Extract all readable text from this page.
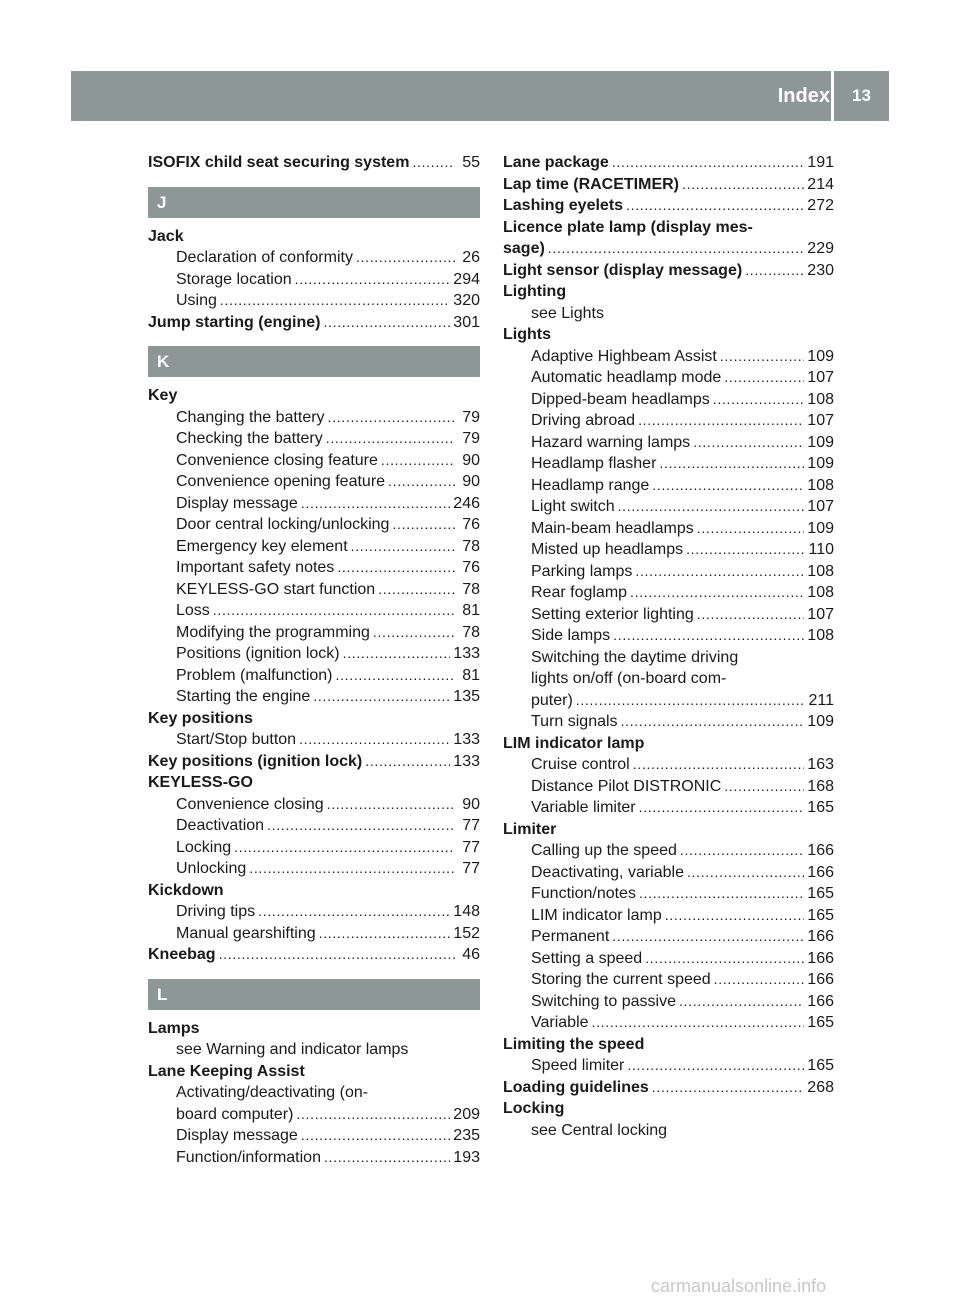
Index	13
ISOFIX child seat securing system . . .	55
J
Jack
Declaration of conformity . . .	26
Storage location . . .	294
Using . . .	320
Jump starting (engine) . . .	301
K
Key
Changing the battery . . .	79
Checking the battery . . .	79
Convenience closing feature . . .	90
Convenience opening feature . . .	90
Display message . . .	246
Door central locking/unlocking . . .	76
Emergency key element . . .	78
Important safety notes . . .	76
KEYLESS-GO start function . . .	78
Loss . . .	81
Modifying the programming . . .	78
Positions (ignition lock) . . .	133
Problem (malfunction) . . .	81
Starting the engine . . .	135
Key positions
Start/Stop button . . .	133
Key positions (ignition lock) . . .	133
KEYLESS-GO
Convenience closing . . .	90
Deactivation . . .	77
Locking . . .	77
Unlocking . . .	77
Kickdown
Driving tips . . .	148
Manual gearshifting . . .	152
Kneebag . . .	46
L
Lamps
see Warning and indicator lamps
Lane Keeping Assist
Activating/deactivating (on-
board computer) . . .	209
Display message . . .	235
Function/information . . .	193
Lane package . . .	191
Lap time (RACETIMER) . . .	214
Lashing eyelets . . .	272
Licence plate lamp (display mes-
sage) . . .	229
Light sensor (display message) . . .	230
Lighting
see Lights
Lights
Adaptive Highbeam Assist . . .	109
Automatic headlamp mode . . .	107
Dipped-beam headlamps . . .	108
Driving abroad . . .	107
Hazard warning lamps . . .	109
Headlamp flasher . . .	109
Headlamp range . . .	108
Light switch . . .	107
Main-beam headlamps . . .	109
Misted up headlamps . . .	110
Parking lamps . . .	108
Rear foglamp . . .	108
Setting exterior lighting . . .	107
Side lamps . . .	108
Switching the daytime driving
lights on/off (on-board com-
puter) . . .	211
Turn signals . . .	109
LIM indicator lamp
Cruise control . . .	163
Distance Pilot DISTRONIC . . .	168
Variable limiter . . .	165
Limiter
Calling up the speed . . .	166
Deactivating, variable . . .	166
Function/notes . . .	165
LIM indicator lamp . . .	165
Permanent . . .	166
Setting a speed . . .	166
Storing the current speed . . .	166
Switching to passive . . .	166
Variable . . .	165
Limiting the speed
Speed limiter . . .	165
Loading guidelines . . .	268
Locking
see Central locking
carmanualsonline.info
